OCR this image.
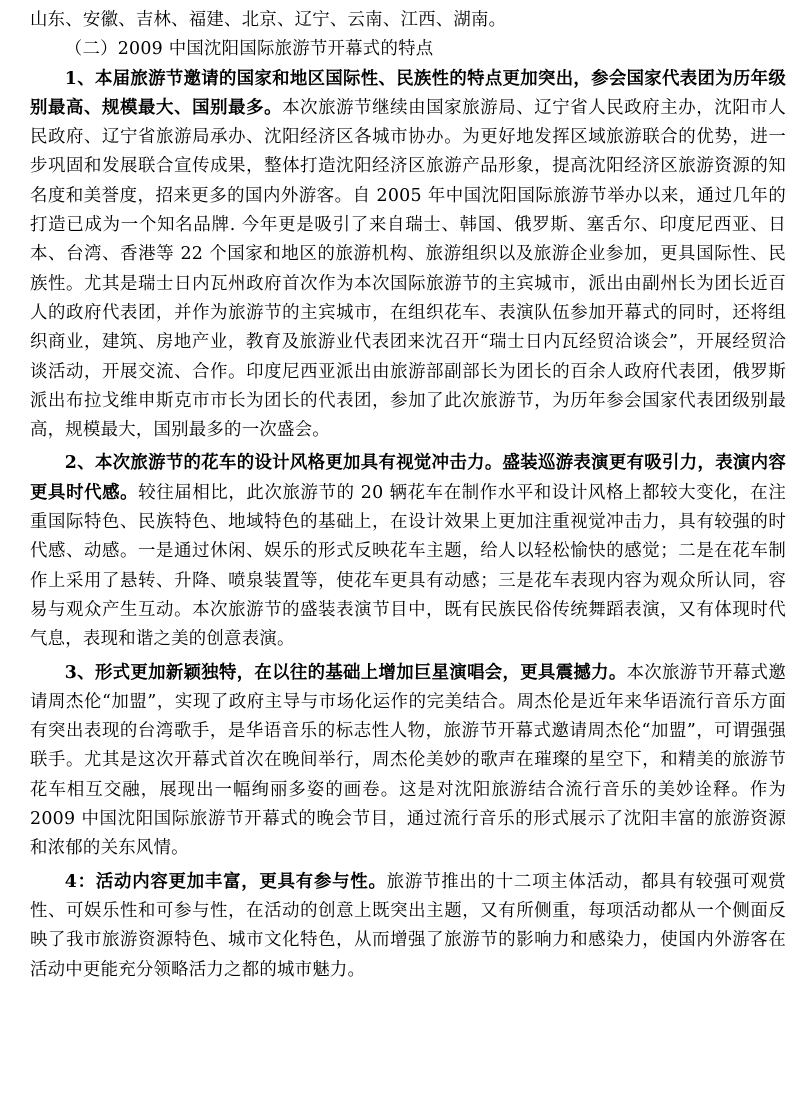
山东、安徽、吉林、福建、北京、辽宁、云南、江西、湖南。

（二）2009 中国沈阳国际旅游节开幕式的特点

1、本届旅游节邀请的国家和地区国际性、民族性的特点更加突出，参会国家代表团为历年级别最高、规模最大、国别最多。本次旅游节继续由国家旅游局、辽宁省人民政府主办，沈阳市人民政府、辽宁省旅游局承办、沈阳经济区各城市协办。为更好地发挥区域旅游联合的优势，进一步巩固和发展联合宣传成果，整体打造沈阳经济区旅游产品形象，提高沈阳经济区旅游资源的知名度和美誉度，招来更多的国内外游客。自 2005 年中国沈阳国际旅游节举办以来，通过几年的打造已成为一个知名品牌. 今年更是吸引了来自瑞士、韩国、俄罗斯、塞舌尔、印度尼西亚、日本、台湾、香港等 22 个国家和地区的旅游机构、旅游组织以及旅游企业参加，更具国际性、民族性。尤其是瑞士日内瓦州政府首次作为本次国际旅游节的主宾城市，派出由副州长为团长近百人的政府代表团，并作为旅游节的主宾城市，在组织花车、表演队伍参加开幕式的同时，还将组织商业，建筑、房地产业，教育及旅游业代表团来沈召开“瑞士日内瓦经贸洽谈会”，开展经贸洽谈活动，开展交流、合作。印度尼西亚派出由旅游部副部长为团长的百余人政府代表团，俄罗斯派出布拉戈维申斯克市市长为团长的代表团，参加了此次旅游节，为历年参会国家代表团级别最高，规模最大，国别最多的一次盛会。

2、本次旅游节的花车的设计风格更加具有视觉冲击力。盛装巡游表演更有吸引力，表演内容更具时代感。较往届相比，此次旅游节的 20 辆花车在制作水平和设计风格上都较大变化，在注重国际特色、民族特色、地域特色的基础上，在设计效果上更加注重视觉冲击力，具有较强的时代感、动感。一是通过休闲、娱乐的形式反映花车主题，给人以轻松愉快的感觉；二是在花车制作上采用了悬转、升降、喷泉装置等，使花车更具有动感；三是花车表现内容为观众所认同，容易与观众产生互动。本次旅游节的盛装表演节目中，既有民族民俗传统舞蹈表演，又有体现时代气息，表现和谐之美的创意表演。

3、形式更加新颖独特，在以往的基础上增加巨星演唱会，更具震撼力。本次旅游节开幕式邀请周杰伦“加盟”，实现了政府主导与市场化运作的完美结合。周杰伦是近年来华语流行音乐方面有突出表现的台湾歌手，是华语音乐的标志性人物，旅游节开幕式邀请周杰伦“加盟”，可谓强强联手。尤其是这次开幕式首次在晚间举行，周杰伦美妙的歌声在璀璨的星空下，和精美的旅游节花车相互交融，展现出一幅绚丽多姿的画卷。这是对沈阳旅游结合流行音乐的美妙诠释。作为 2009 中国沈阳国际旅游节开幕式的晚会节目，通过流行音乐的形式展示了沈阳丰富的旅游资源和浓郁的关东风情。

4：活动内容更加丰富，更具有参与性。旅游节推出的十二项主体活动，都具有较强可观赏性、可娱乐性和可参与性，在活动的创意上既突出主题，又有所侧重，每项活动都从一个侧面反映了我市旅游资源特色、城市文化特色，从而增强了旅游节的影响力和感染力，使国内外游客在活动中更能充分领略活力之都的城市魅力。
